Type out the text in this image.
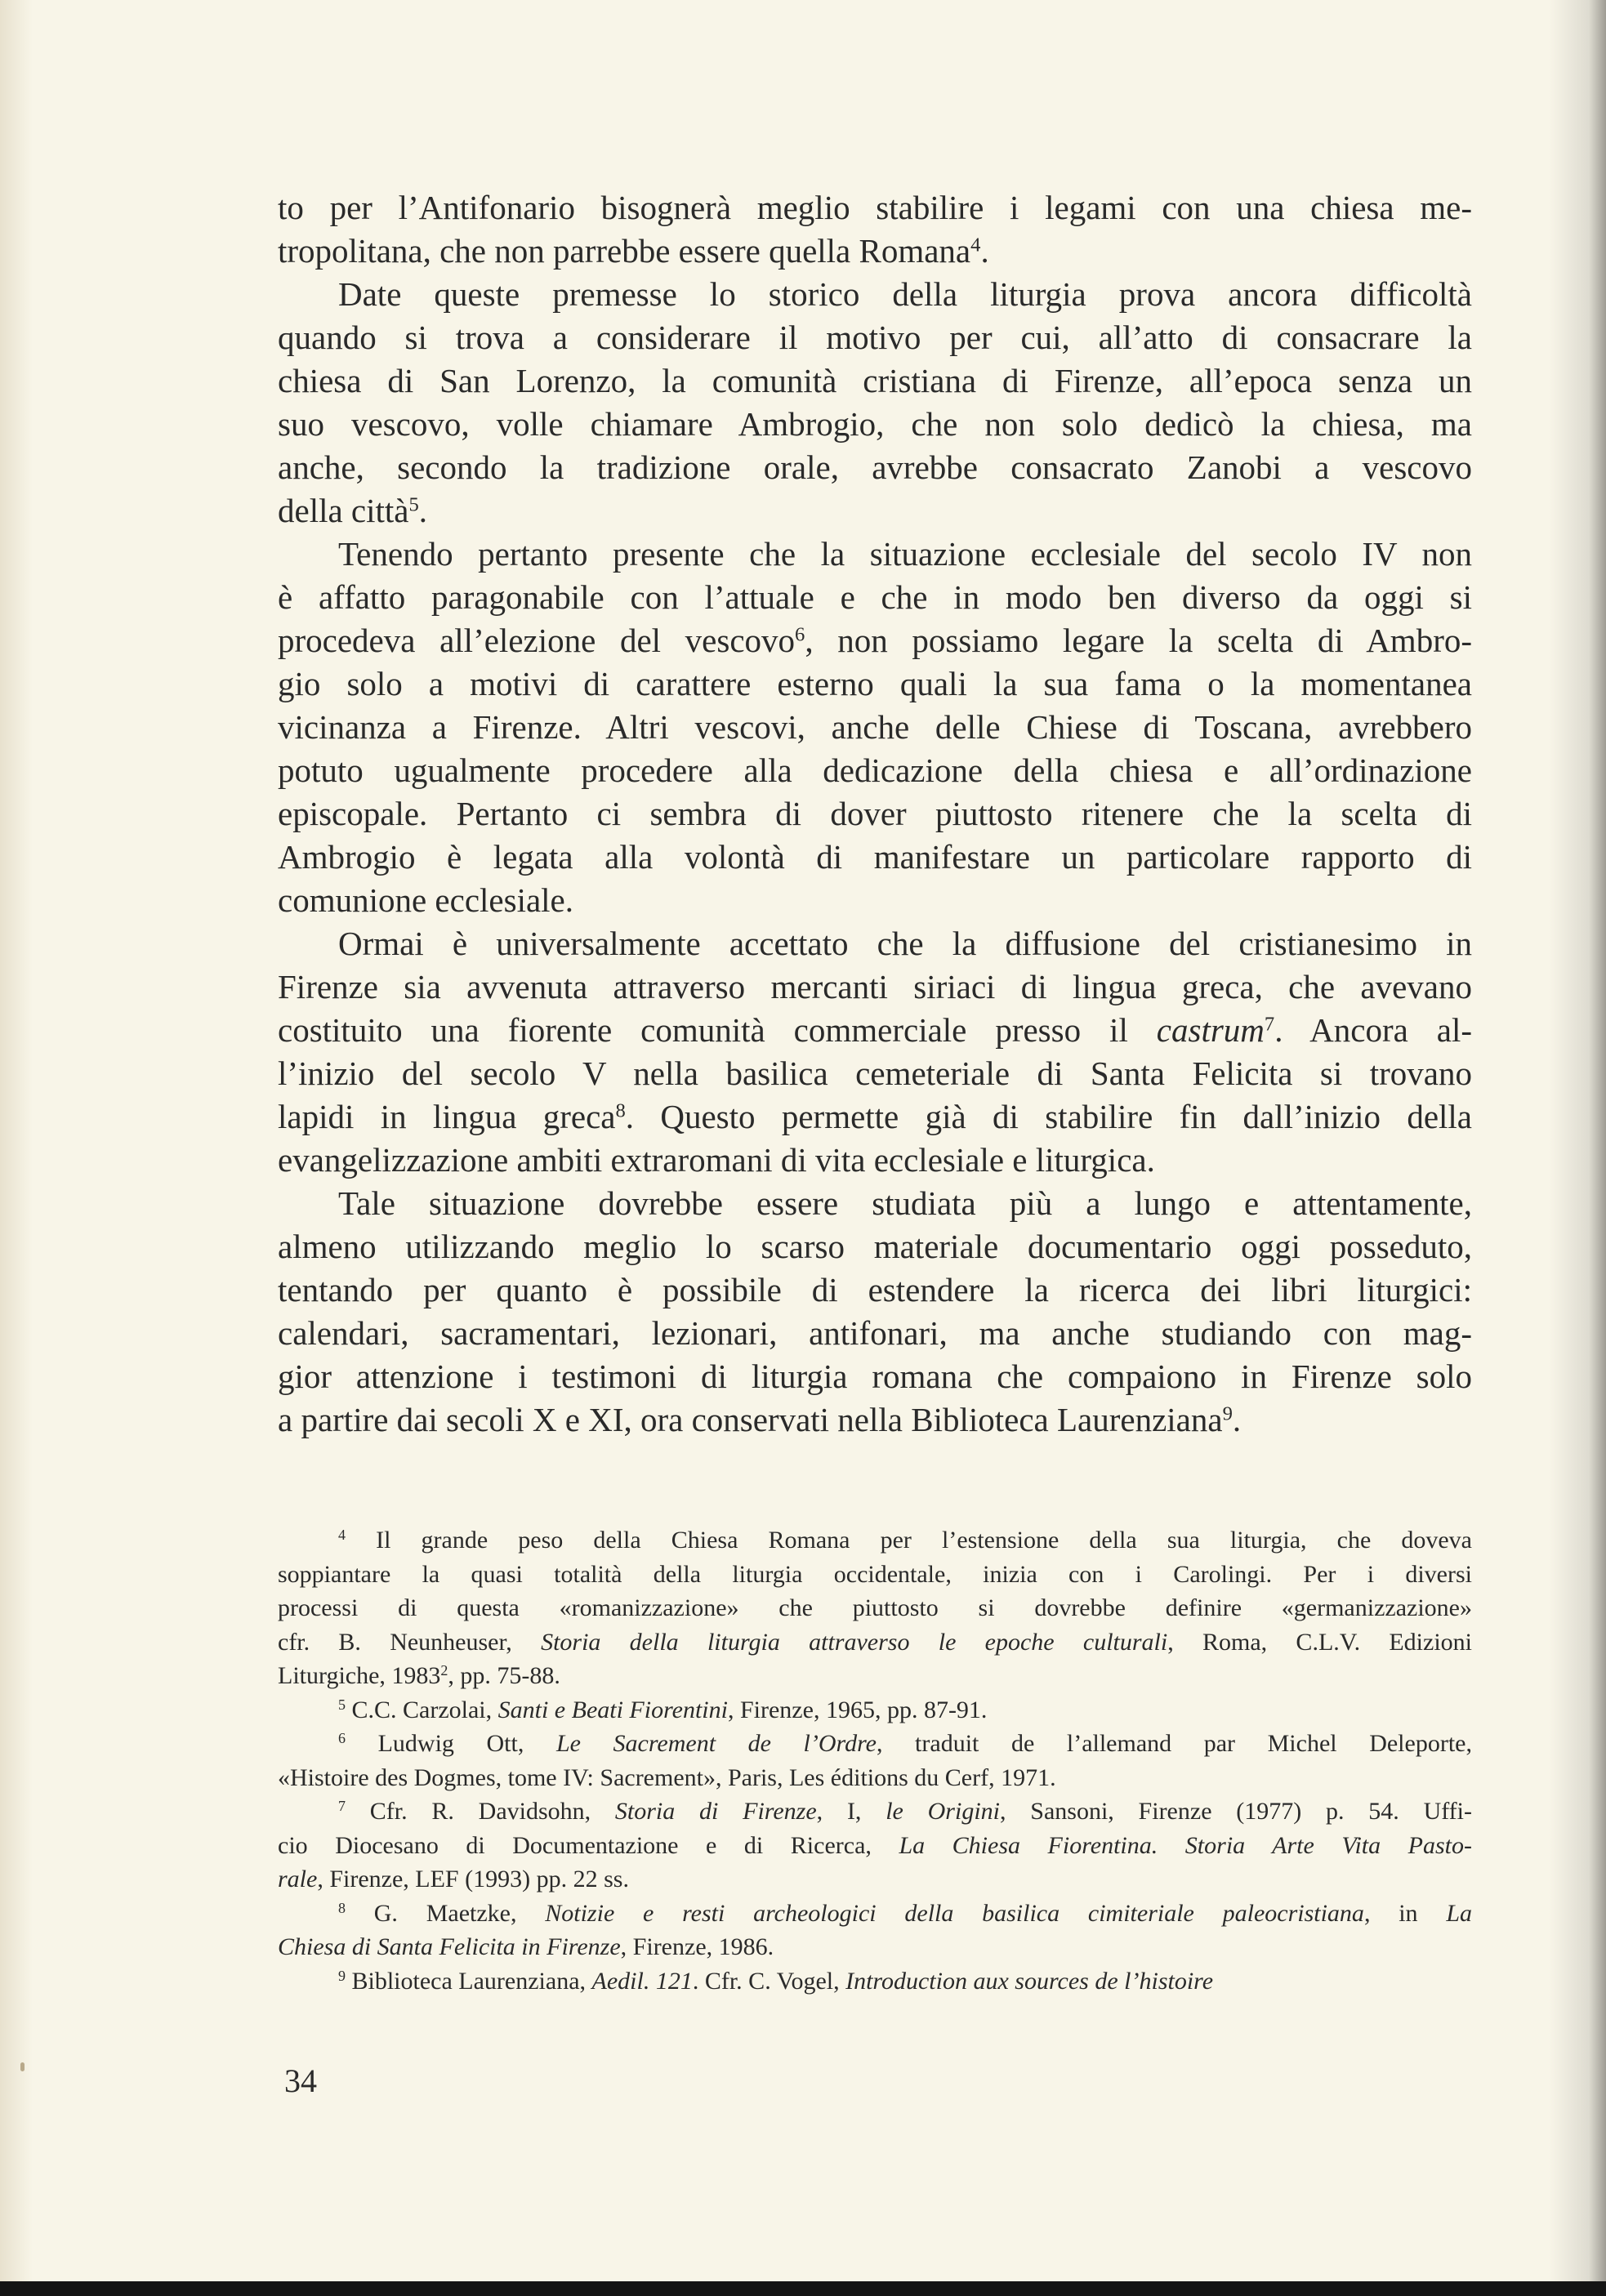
to per l’Antifonario bisognerà meglio stabilire i legami con una chiesa me-
tropolitana, che non parrebbe essere quella Romana$^4$.
Date queste premesse lo storico della liturgia prova ancora difficoltà
quando si trova a considerare il motivo per cui, all’atto di consacrare la
chiesa di San Lorenzo, la comunità cristiana di Firenze, all’epoca senza un
suo vescovo, volle chiamare Ambrogio, che non solo dedicò la chiesa, ma
anche, secondo la tradizione orale, avrebbe consacrato Zanobi a vescovo
della città$^5$.
Tenendo pertanto presente che la situazione ecclesiale del secolo IV non
è affatto paragonabile con l’attuale e che in modo ben diverso da oggi si
procedeva all’elezione del vescovo$^6$, non possiamo legare la scelta di Ambro-
gio solo a motivi di carattere esterno quali la sua fama o la momentanea
vicinanza a Firenze. Altri vescovi, anche delle Chiese di Toscana, avrebbero
potuto ugualmente procedere alla dedicazione della chiesa e all’ordinazione
episcopale. Pertanto ci sembra di dover piuttosto ritenere che la scelta di
Ambrogio è legata alla volontà di manifestare un particolare rapporto di
comunione ecclesiale.
Ormai è universalmente accettato che la diffusione del cristianesimo in
Firenze sia avvenuta attraverso mercanti siriaci di lingua greca, che avevano
costituito una fiorente comunità commerciale presso il castrum$^7$. Ancora al-
l’inizio del secolo V nella basilica cemeteriale di Santa Felicita si trovano
lapidi in lingua greca$^8$. Questo permette già di stabilire fin dall’inizio della
evangelizzazione ambiti extraromani di vita ecclesiale e liturgica.
Tale situazione dovrebbe essere studiata più a lungo e attentamente,
almeno utilizzando meglio lo scarso materiale documentario oggi posseduto,
tentando per quanto è possibile di estendere la ricerca dei libri liturgici:
calendari, sacramentari, lezionari, antifonari, ma anche studiando con mag-
gior attenzione i testimoni di liturgia romana che compaiono in Firenze solo
a partire dai secoli X e XI, ora conservati nella Biblioteca Laurenziana$^9$.
$^4$ Il grande peso della Chiesa Romana per l’estensione della sua liturgia, che doveva
soppiantare la quasi totalità della liturgia occidentale, inizia con i Carolingi. Per i diversi
processi di questa «romanizzazione» che piuttosto si dovrebbe definire «germanizzazione»
cfr. B. Neunheuser, Storia della liturgia attraverso le epoche culturali, Roma, C.L.V. Edizioni
Liturgiche, 1983$^2$, pp. 75-88.
$^5$ C.C. Carzolai, Santi e Beati Fiorentini, Firenze, 1965, pp. 87-91.
$^6$ Ludwig Ott, Le Sacrement de l’Ordre, traduit de l’allemand par Michel Deleporte,
«Histoire des Dogmes, tome IV: Sacrement», Paris, Les éditions du Cerf, 1971.
$^7$ Cfr. R. Davidsohn, Storia di Firenze, I, le Origini, Sansoni, Firenze (1977) p. 54. Uffi-
cio Diocesano di Documentazione e di Ricerca, La Chiesa Fiorentina. Storia Arte Vita Pasto-
rale, Firenze, LEF (1993) pp. 22 ss.
$^8$ G. Maetzke, Notizie e resti archeologici della basilica cimiteriale paleocristiana, in La
Chiesa di Santa Felicita in Firenze, Firenze, 1986.
$^9$ Biblioteca Laurenziana, Aedil. 121. Cfr. C. Vogel, Introduction aux sources de l’histoire
34
